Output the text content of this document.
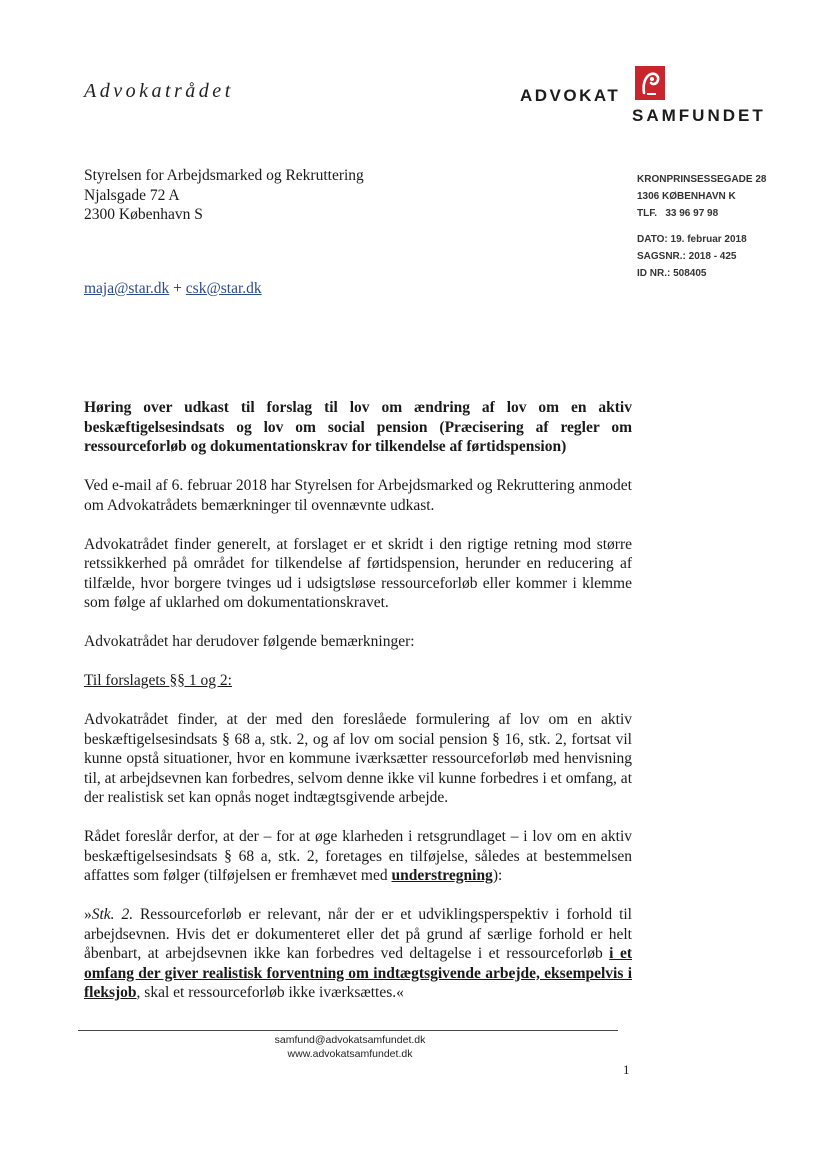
Advokatrådet	ADVOKAT
SAMFUNDET
Styrelsen for Arbejdsmarked og Rekruttering
Njalsgade 72 A
2300 København S
KRONPRINSESSEGADE 28
1306 KØBENHAVN K
TLF.   33 96 97 98
DATO: 19. februar 2018
SAGSNR.: 2018 - 425
ID NR.: 508405
maja@star.dk + csk@star.dk

Høring over udkast til forslag til lov om ændring af lov om en aktiv beskæftigelsesindsats og lov om social pension (Præcisering af regler om ressourceforløb og dokumentationskrav for tilkendelse af førtidspension)

Ved e-mail af 6. februar 2018 har Styrelsen for Arbejdsmarked og Rekruttering anmodet om Advokatrådets bemærkninger til ovennævnte udkast.

Advokatrådet finder generelt, at forslaget er et skridt i den rigtige retning mod større retssikkerhed på området for tilkendelse af førtidspension, herunder en reducering af tilfælde, hvor borgere tvinges ud i udsigtsløse ressourceforløb eller kommer i klemme som følge af uklarhed om dokumentationskravet.

Advokatrådet har derudover følgende bemærkninger:

Til forslagets §§ 1 og 2:

Advokatrådet finder, at der med den foreslåede formulering af lov om en aktiv beskæftigelsesindsats § 68 a, stk. 2, og af lov om social pension § 16, stk. 2, fortsat vil kunne opstå situationer, hvor en kommune iværksætter ressourceforløb med henvisning til, at arbejdsevnen kan forbedres, selvom denne ikke vil kunne forbedres i et omfang, at der realistisk set kan opnås noget indtægtsgivende arbejde.

Rådet foreslår derfor, at der – for at øge klarheden i retsgrundlaget – i lov om en aktiv beskæftigelsesindsats § 68 a, stk. 2, foretages en tilføjelse, således at bestemmelsen affattes som følger (tilføjelsen er fremhævet med understregning):

»Stk. 2. Ressourceforløb er relevant, når der er et udviklingsperspektiv i forhold til arbejdsevnen. Hvis det er dokumenteret eller det på grund af særlige forhold er helt åbenbart, at arbejdsevnen ikke kan forbedres ved deltagelse i et ressourceforløb i et omfang der giver realistisk forventning om indtægtsgivende arbejde, eksempelvis i fleksjob, skal et ressourceforløb ikke iværksættes.«

samfund@advokatsamfundet.dk
www.advokatsamfundet.dk
1
